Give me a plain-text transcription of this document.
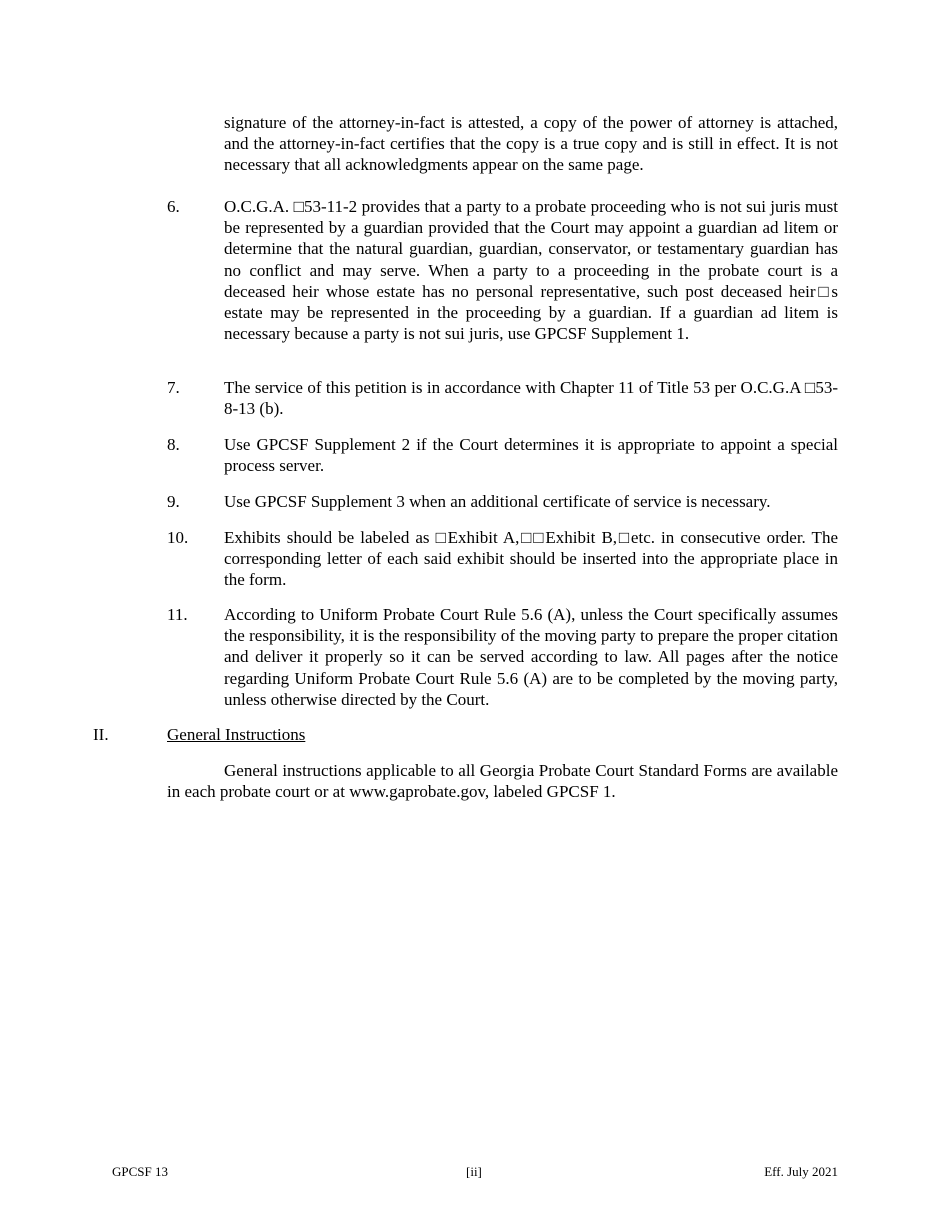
signature of the attorney-in-fact is attested, a copy of the power of attorney is attached, and the attorney-in-fact certifies that the copy is a true copy and is still in effect. It is not necessary that all acknowledgments appear on the same page.
6.	O.C.G.A. □53-11-2 provides that a party to a probate proceeding who is not sui juris must be represented by a guardian provided that the Court may appoint a guardian ad litem or determine that the natural guardian, guardian, conservator, or testamentary guardian has no conflict and may serve. When a party to a proceeding in the probate court is a deceased heir whose estate has no personal representative, such post deceased heir□s estate may be represented in the proceeding by a guardian. If a guardian ad litem is necessary because a party is not sui juris, use GPCSF Supplement 1.
7.	The service of this petition is in accordance with Chapter 11 of Title 53 per O.C.G.A □53-8-13 (b).
8.	Use GPCSF Supplement 2 if the Court determines it is appropriate to appoint a special process server.
9.	Use GPCSF Supplement 3 when an additional certificate of service is necessary.
10.	Exhibits should be labeled as □Exhibit A,□□Exhibit B,□etc. in consecutive order. The corresponding letter of each said exhibit should be inserted into the appropriate place in the form.
11.	According to Uniform Probate Court Rule 5.6 (A), unless the Court specifically assumes the responsibility, it is the responsibility of the moving party to prepare the proper citation and deliver it properly so it can be served according to law. All pages after the notice regarding Uniform Probate Court Rule 5.6 (A) are to be completed by the moving party, unless otherwise directed by the Court.
II.	General Instructions
General instructions applicable to all Georgia Probate Court Standard Forms are available in each probate court or at www.gaprobate.gov, labeled GPCSF 1.
GPCSF 13	[ii]	Eff. July 2021
